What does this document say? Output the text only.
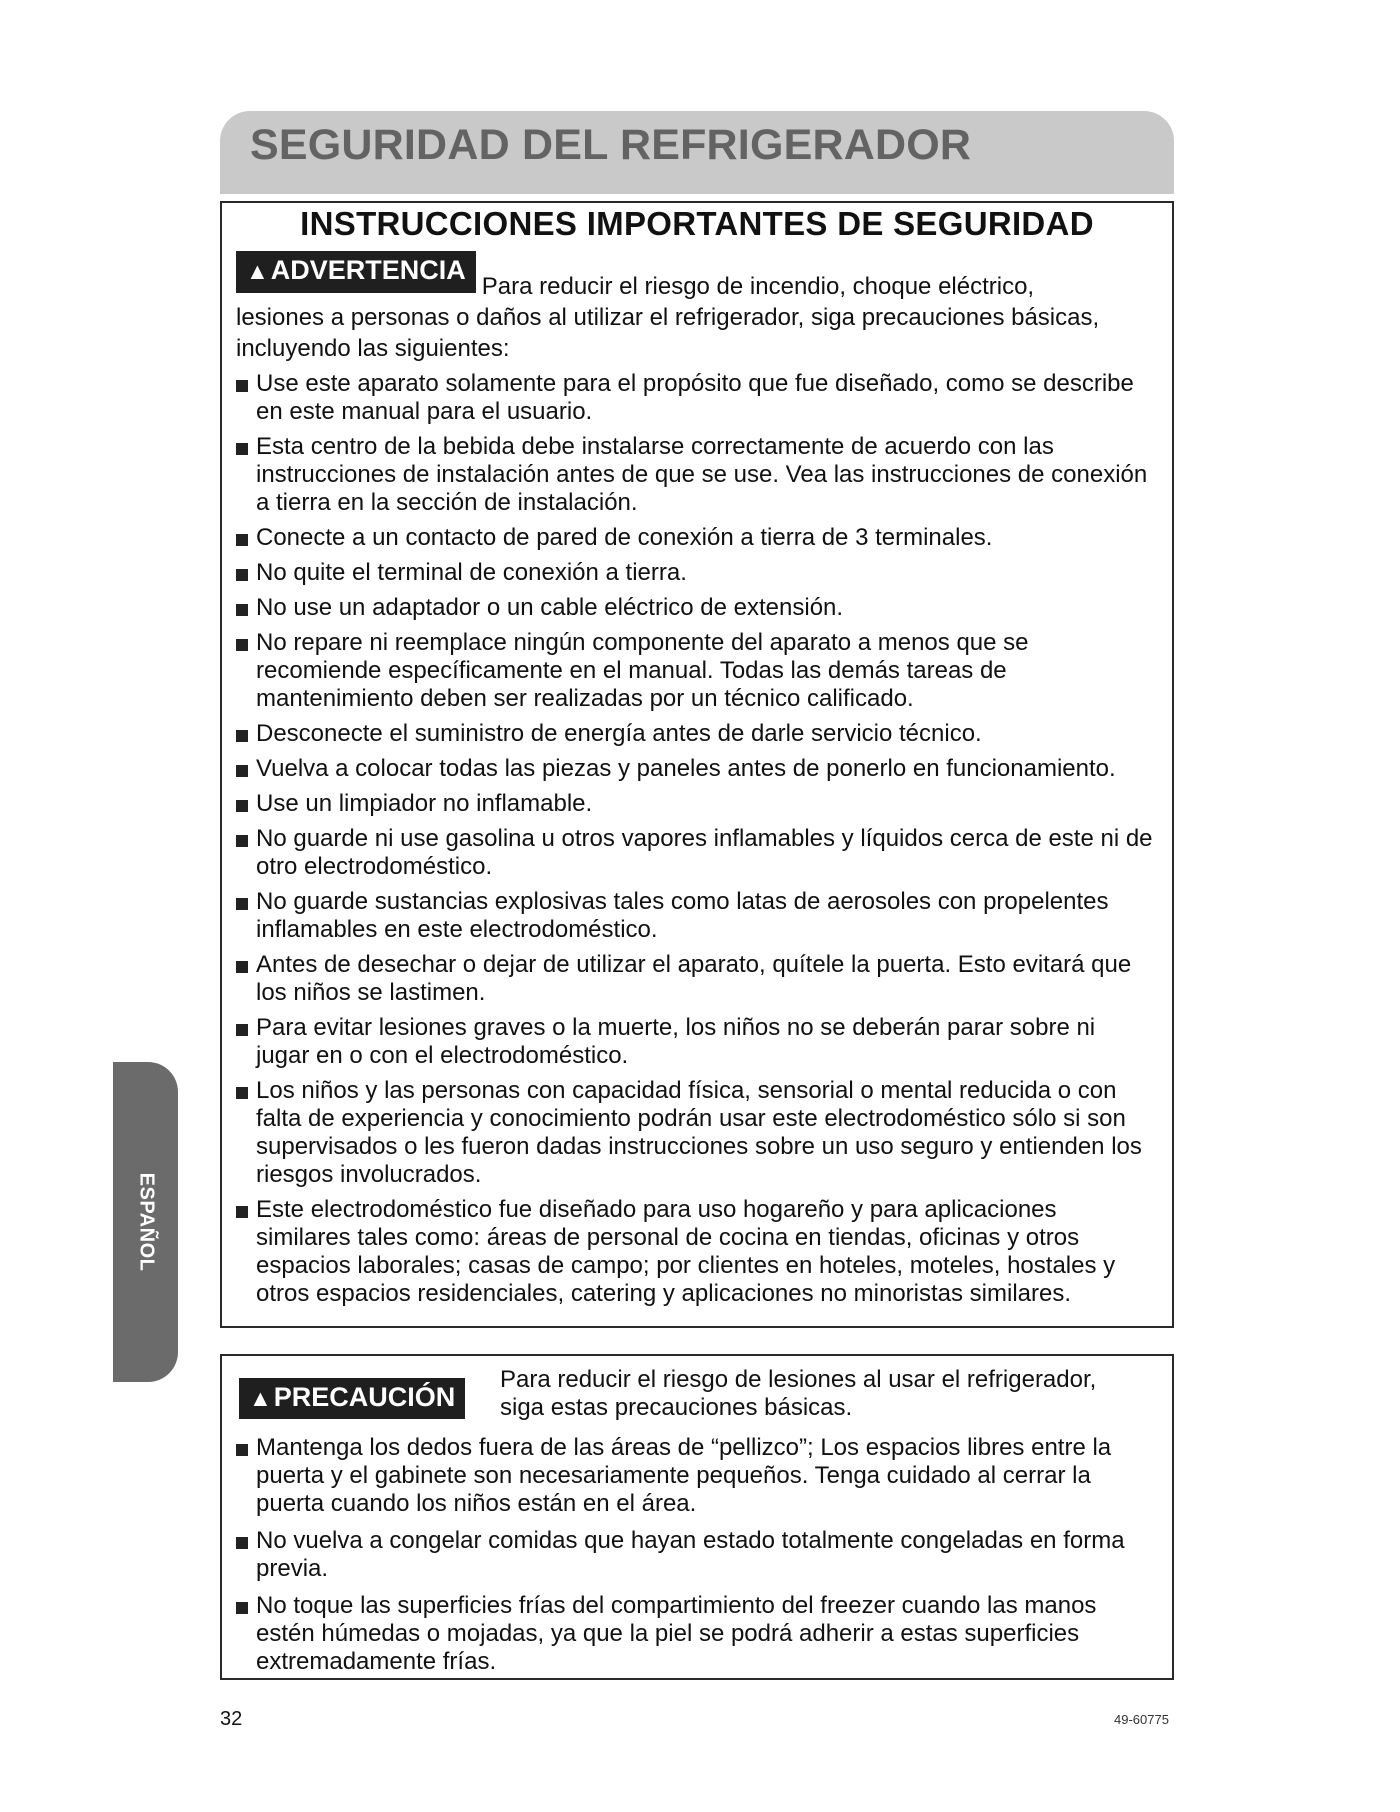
SEGURIDAD DEL REFRIGERADOR
ESPAÑOL
INSTRUCCIONES IMPORTANTES DE SEGURIDAD
▲ADVERTENCIAPara reducir el riesgo de incendio, choque eléctrico,
lesiones a personas o daños al utilizar el refrigerador, siga precauciones básicas, incluyendo las siguientes:
Use este aparato solamente para el propósito que fue diseñado, como se describe en este manual para el usuario.
Esta centro de la bebida debe instalarse correctamente de acuerdo con las instrucciones de instalación antes de que se use. Vea las instrucciones de conexión a tierra en la sección de instalación.
Conecte a un contacto de pared de conexión a tierra de 3 terminales.
No quite el terminal de conexión a tierra.
No use un adaptador o un cable eléctrico de extensión.
No repare ni reemplace ningún componente del aparato a menos que se recomiende específicamente en el manual. Todas las demás tareas de mantenimiento deben ser realizadas por un técnico calificado.
Desconecte el suministro de energía antes de darle servicio técnico.
Vuelva a colocar todas las piezas y paneles antes de ponerlo en funcionamiento.
Use un limpiador no inflamable.
No guarde ni use gasolina u otros vapores inflamables y líquidos cerca de este ni de otro electrodoméstico.
No guarde sustancias explosivas tales como latas de aerosoles con propelentes inflamables en este electrodoméstico.
Antes de desechar o dejar de utilizar el aparato, quítele la puerta. Esto evitará que los niños se lastimen.
Para evitar lesiones graves o la muerte, los niños no se deberán parar sobre ni jugar en o con el electrodoméstico.
Los niños y las personas con capacidad física, sensorial o mental reducida o con falta de experiencia y conocimiento podrán usar este electrodoméstico sólo si son supervisados o les fueron dadas instrucciones sobre un uso seguro y entienden los riesgos involucrados.
Este electrodoméstico fue diseñado para uso hogareño y para aplicaciones similares tales como: áreas de personal de cocina en tiendas, oficinas y otros espacios laborales; casas de campo; por clientes en hoteles, moteles, hostales y otros espacios residenciales, catering y aplicaciones no minoristas similares.
▲PRECAUCIÓN
Para reducir el riesgo de lesiones al usar el refrigerador, siga estas precauciones básicas.
Mantenga los dedos fuera de las áreas de “pellizco”; Los espacios libres entre la puerta y el gabinete son necesariamente pequeños. Tenga cuidado al cerrar la puerta cuando los niños están en el área.
No vuelva a congelar comidas que hayan estado totalmente congeladas en forma previa.
No toque las superficies frías del compartimiento del freezer cuando las manos estén húmedas o mojadas, ya que la piel se podrá adherir a estas superficies extremadamente frías.
32	49-60775
